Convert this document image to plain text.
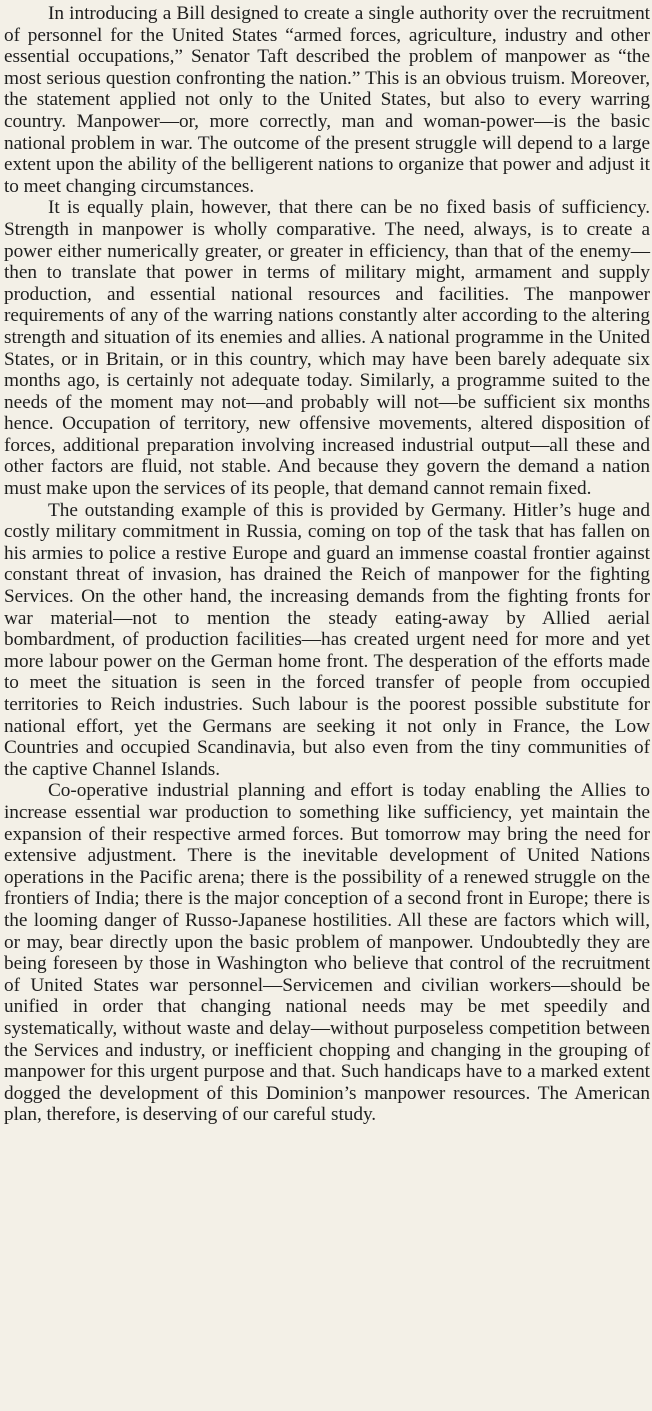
In introducing a Bill designed to create a single authority over the recruitment of personnel for the United States “armed forces, agriculture, industry and other essential occupations,” Senator Taft described the problem of manpower as “the most serious question confronting the nation.” This is an obvious truism. Moreover, the statement applied not only to the United States, but also to every warring country. Manpower—or, more correctly, man and woman-power—is the basic national problem in war. The outcome of the present struggle will depend to a large extent upon the ability of the belligerent nations to organize that power and adjust it to meet changing circumstances.

It is equally plain, however, that there can be no fixed basis of sufficiency. Strength in manpower is wholly comparative. The need, always, is to create a power either numerically greater, or greater in efficiency, than that of the enemy—then to translate that power in terms of military might, armament and supply production, and essential national resources and facilities. The manpower requirements of any of the warring nations constantly alter according to the altering strength and situation of its enemies and allies. A national programme in the United States, or in Britain, or in this country, which may have been barely adequate six months ago, is certainly not adequate today. Similarly, a programme suited to the needs of the moment may not—and probably will not—be sufficient six months hence. Occupation of territory, new offensive movements, altered disposition of forces, additional preparation involving increased industrial output—all these and other factors are fluid, not stable. And because they govern the demand a nation must make upon the services of its people, that demand cannot remain fixed.

The outstanding example of this is provided by Germany. Hitler’s huge and costly military commitment in Russia, coming on top of the task that has fallen on his armies to police a restive Europe and guard an immense coastal frontier against constant threat of invasion, has drained the Reich of manpower for the fighting Services. On the other hand, the increasing demands from the fighting fronts for war material—not to mention the steady eating-away by Allied aerial bombardment, of production facilities—has created urgent need for more and yet more labour power on the German home front. The desperation of the efforts made to meet the situation is seen in the forced transfer of people from occupied territories to Reich industries. Such labour is the poorest possible substitute for national effort, yet the Germans are seeking it not only in France, the Low Countries and occupied Scandinavia, but also even from the tiny communities of the captive Channel Islands.

Co-operative industrial planning and effort is today enabling the Allies to increase essential war production to something like sufficiency, yet maintain the expansion of their respective armed forces. But tomorrow may bring the need for extensive adjustment. There is the inevitable development of United Nations operations in the Pacific arena; there is the possibility of a renewed struggle on the frontiers of India; there is the major conception of a second front in Europe; there is the looming danger of Russo-Japanese hostilities. All these are factors which will, or may, bear directly upon the basic problem of manpower. Undoubtedly they are being foreseen by those in Washington who believe that control of the recruitment of United States war personnel—Servicemen and civilian workers—should be unified in order that changing national needs may be met speedily and systematically, without waste and delay—without purposeless competition between the Services and industry, or inefficient chopping and changing in the grouping of manpower for this urgent purpose and that. Such handicaps have to a marked extent dogged the development of this Dominion’s manpower resources. The American plan, therefore, is deserving of our careful study.
